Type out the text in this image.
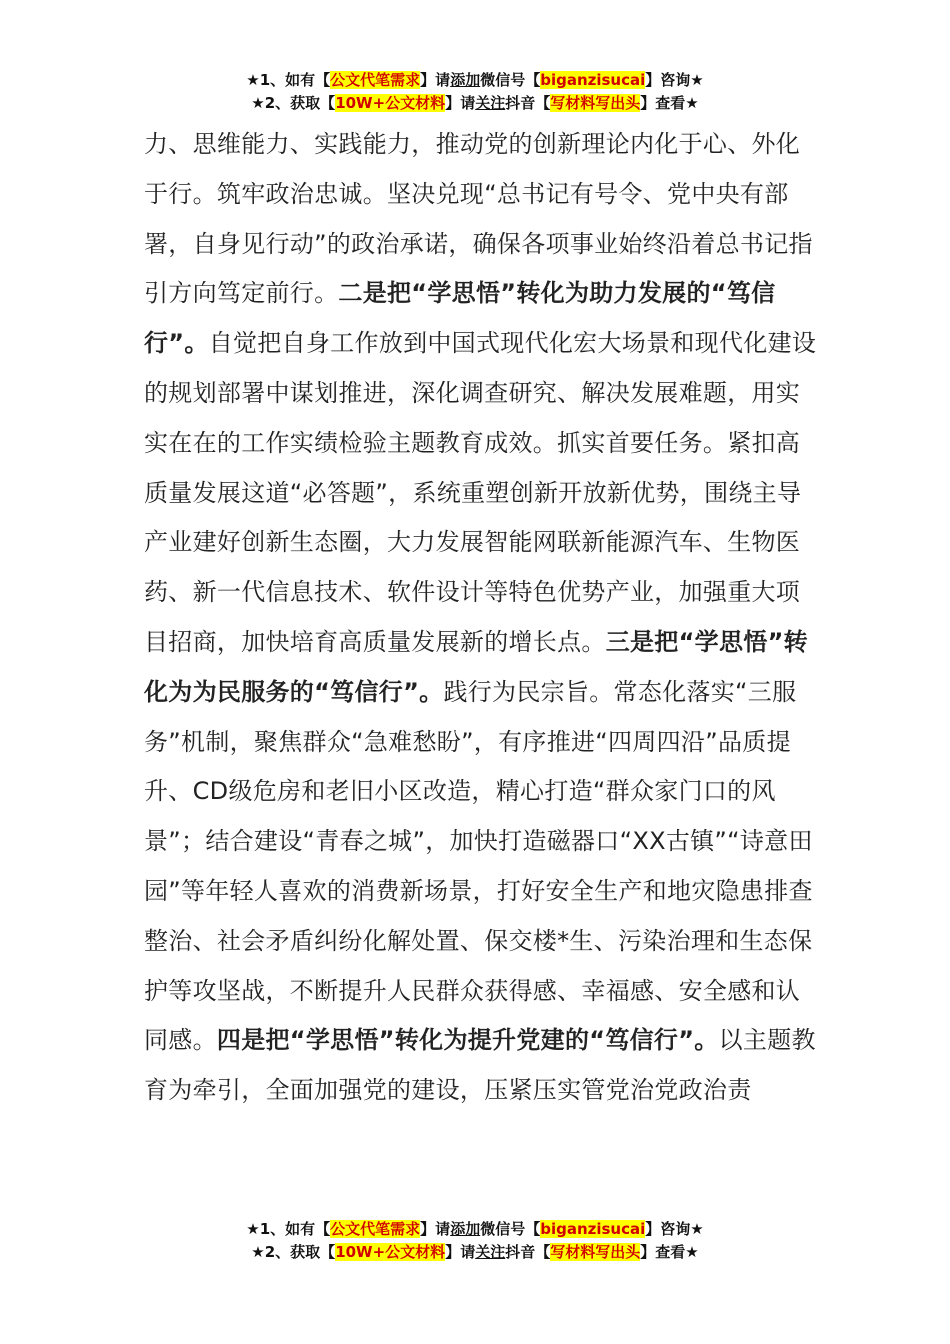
★1、如有【公文代笔需求】请添加微信号【biganzisucai】咨询★
★2、获取【10W+公文材料】请关注抖音【写材料写出头】查看★

力、思维能力、实践能力，推动党的创新理论内化于心、外化于行。筑牢政治忠诚。坚决兑现“总书记有号令、党中央有部署，自身见行动”的政治承诺，确保各项事业始终沿着总书记指引方向笃定前行。二是把“学思悟”转化为助力发展的“笃信行”。自觉把自身工作放到中国式现代化宏大场景和现代化建设的规划部署中谋划推进，深化调查研究、解决发展难题，用实实在在的工作实绩检验主题教育成效。抓实首要任务。紧扣高质量发展这道“必答题”，系统重塑创新开放新优势，围绕主导产业建好创新生态圈，大力发展智能网联新能源汽车、生物医药、新一代信息技术、软件设计等特色优势产业，加强重大项目招商，加快培育高质量发展新的增长点。三是把“学思悟”转化为为民服务的“笃信行”。践行为民宗旨。常态化落实“三服务”机制，聚焦群众“急难愁盼”，有序推进“四周四沿”品质提升、CD级危房和老旧小区改造，精心打造“群众家门口的风景”；结合建设“青春之城”，加快打造磁器口“XX古镇”“诗意田园”等年轻人喜欢的消费新场景，打好安全生产和地灾隐患排查整治、社会矛盾纠纷化解处置、保交楼*生、污染治理和生态保护等攻坚战，不断提升人民群众获得感、幸福感、安全感和认同感。四是把“学思悟”转化为提升党建的“笃信行”。以主题教育为牵引，全面加强党的建设，压紧压实管党治党政治责

★1、如有【公文代笔需求】请添加微信号【biganzisucai】咨询★
★2、获取【10W+公文材料】请关注抖音【写材料写出头】查看★
